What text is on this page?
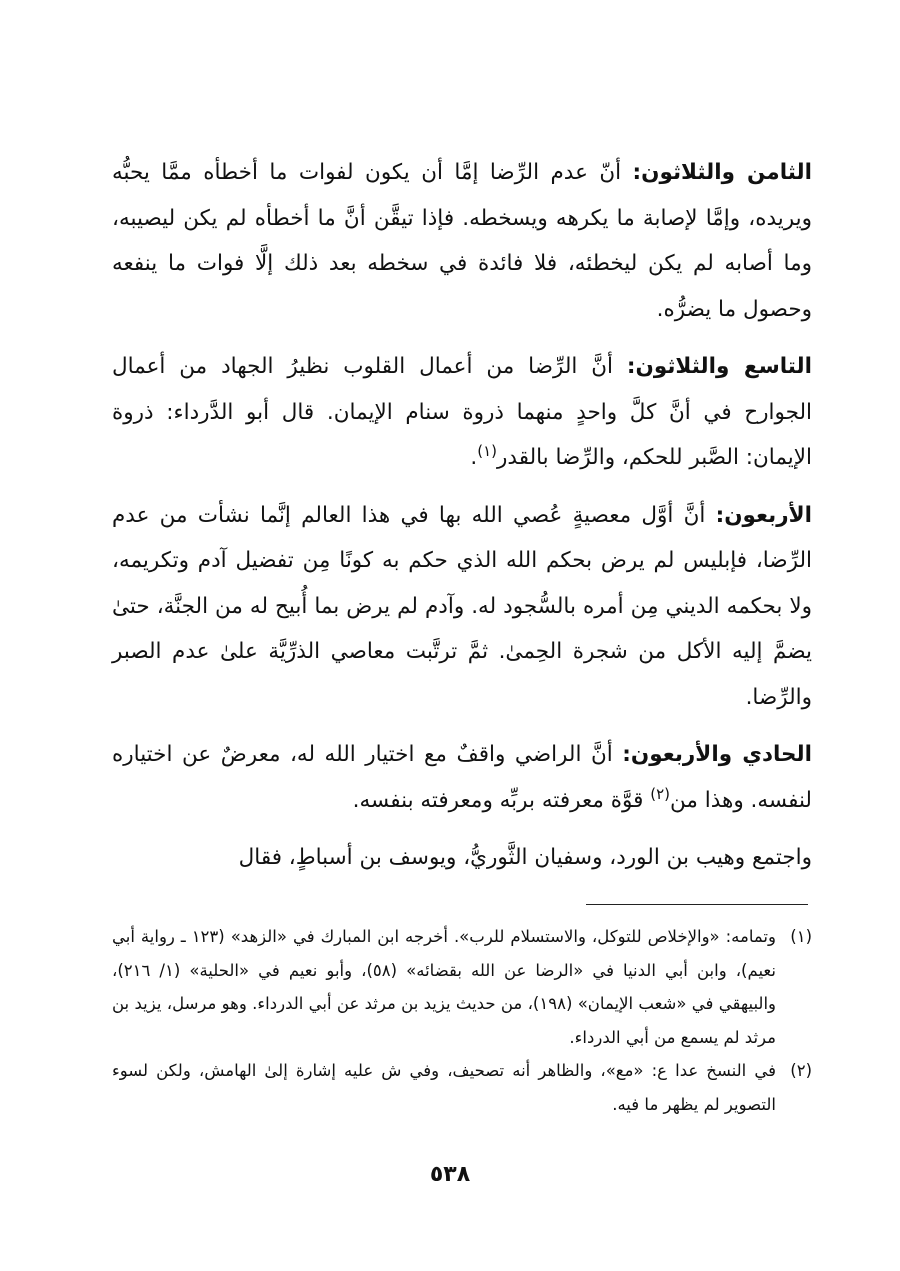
الثامن والثلاثون: أنّ عدم الرِّضا إمَّا أن يكون لفوات ما أخطأه ممَّا يحبُّه ويريده، وإمَّا لإصابة ما يكرهه ويسخطه. فإذا تيقَّن أنَّ ما أخطأه لم يكن ليصيبه، وما أصابه لم يكن ليخطئه، فلا فائدة في سخطه بعد ذلك إلَّا فوات ما ينفعه وحصول ما يضرُّه.

التاسع والثلاثون: أنَّ الرِّضا من أعمال القلوب نظيرُ الجهاد من أعمال الجوارح في أنَّ كلَّ واحدٍ منهما ذروة سنام الإيمان. قال أبو الدَّرداء: ذروة الإيمان: الصَّبر للحكم، والرِّضا بالقدر$^{(١)}$.

الأربعون: أنَّ أوَّل معصيةٍ عُصي الله بها في هذا العالم إنَّما نشأت من عدم الرِّضا، فإبليس لم يرض بحكم الله الذي حكم به كونًا مِن تفضيل آدم وتكريمه، ولا بحكمه الديني مِن أمره بالسُّجود له. وآدم لم يرض بما أُبيح له من الجنَّة، حتىٰ يضمَّ إليه الأكل من شجرة الحِمىٰ. ثمَّ ترتَّبت معاصي الذرِّيَّة علىٰ عدم الصبر والرِّضا.

الحادي والأربعون: أنَّ الراضي واقفٌ مع اختيار الله له، معرضٌ عن اختياره لنفسه. وهذا من$^{(٢)}$ قوَّة معرفته بربِّه ومعرفته بنفسه.

واجتمع وهيب بن الورد، وسفيان الثَّوريُّ، ويوسف بن أسباطٍ، فقال

(١)
وتمامه: «والإخلاص للتوكل، والاستسلام للرب». أخرجه ابن المبارك في «الزهد» (١٢٣ ـ رواية أبي نعيم)، وابن أبي الدنيا في «الرضا عن الله بقضائه» (٥٨)، وأبو نعيم في «الحلية» (١/ ٢١٦)، والبيهقي في «شعب الإيمان» (١٩٨)، من حديث يزيد بن مرثد عن أبي الدرداء. وهو مرسل، يزيد بن مرثد لم يسمع من أبي الدرداء.
(٢)
في النسخ عدا ع: «مع»، والظاهر أنه تصحيف، وفي ش عليه إشارة إلىٰ الهامش، ولكن لسوء التصوير لم يظهر ما فيه.
٥٣٨
